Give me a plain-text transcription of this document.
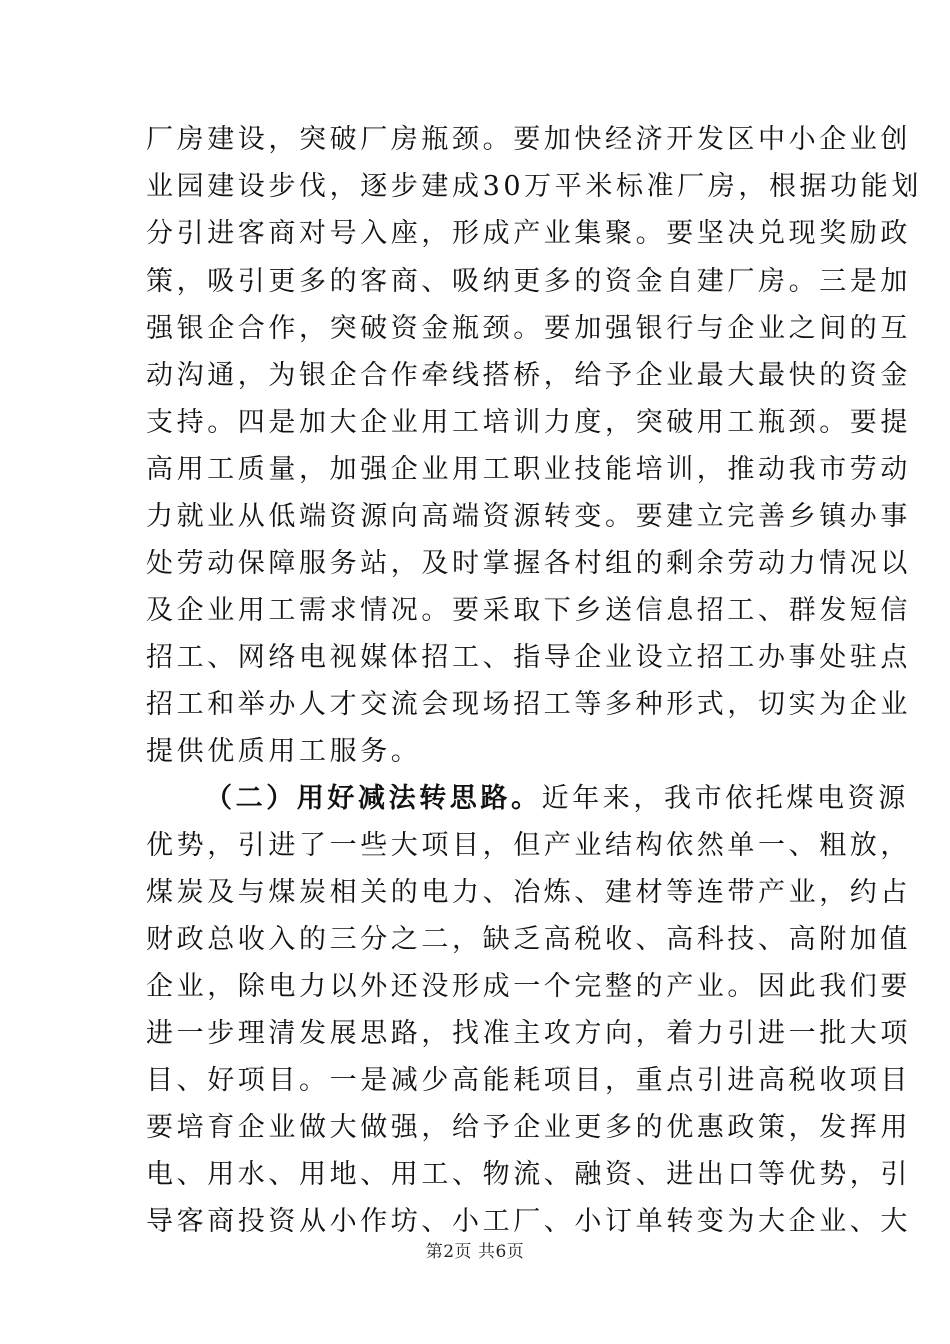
厂房建设，突破厂房瓶颈。要加快经济开发区中小企业创
业园建设步伐，逐步建成30万平米标准厂房，根据功能划
分引进客商对号入座，形成产业集聚。要坚决兑现奖励政
策，吸引更多的客商、吸纳更多的资金自建厂房。三是加
强银企合作，突破资金瓶颈。要加强银行与企业之间的互
动沟通，为银企合作牵线搭桥，给予企业最大最快的资金
支持。四是加大企业用工培训力度，突破用工瓶颈。要提
高用工质量，加强企业用工职业技能培训，推动我市劳动
力就业从低端资源向高端资源转变。要建立完善乡镇办事
处劳动保障服务站，及时掌握各村组的剩余劳动力情况以
及企业用工需求情况。要采取下乡送信息招工、群发短信
招工、网络电视媒体招工、指导企业设立招工办事处驻点
招工和举办人才交流会现场招工等多种形式，切实为企业
提供优质用工服务。
（二）用好减法转思路。近年来，我市依托煤电资源
优势，引进了一些大项目，但产业结构依然单一、粗放，
煤炭及与煤炭相关的电力、冶炼、建材等连带产业，约占
财政总收入的三分之二，缺乏高税收、高科技、高附加值
企业，除电力以外还没形成一个完整的产业。因此我们要
进一步理清发展思路，找准主攻方向，着力引进一批大项
目、好项目。一是减少高能耗项目，重点引进高税收项目
要培育企业做大做强，给予企业更多的优惠政策，发挥用
电、用水、用地、用工、物流、融资、进出口等优势，引
导客商投资从小作坊、小工厂、小订单转变为大企业、大
第2页 共6页
